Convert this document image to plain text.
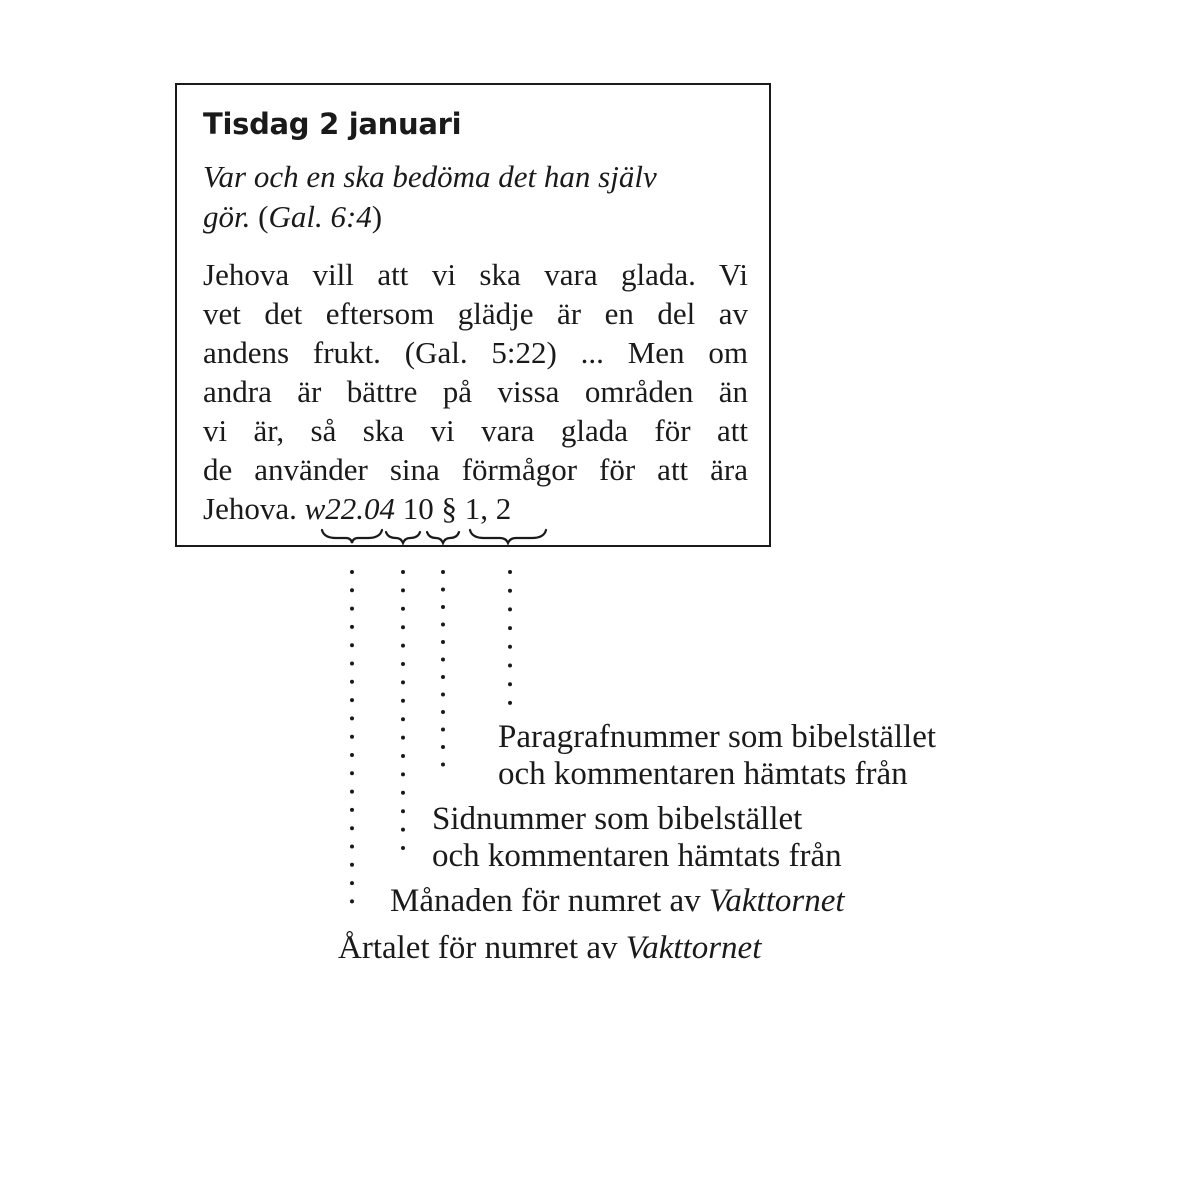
Tisdag 2 januari
Var och en ska bedöma det han själv
gör. (Gal. 6:4)
Jehova vill att vi ska vara glada. Vi
vet det eftersom glädje är en del av
andens frukt. (Gal. 5:22) ... Men om
andra är bättre på vissa områden än
vi är, så ska vi vara glada för att
de använder sina förmågor för att ära
Jehova. w22.04 10 § 1, 2
Paragrafnummer som bibelstället
och kommentaren hämtats från
Sidnummer som bibelstället
och kommentaren hämtats från
Månaden för numret av Vakttornet
Årtalet för numret av Vakttornet
